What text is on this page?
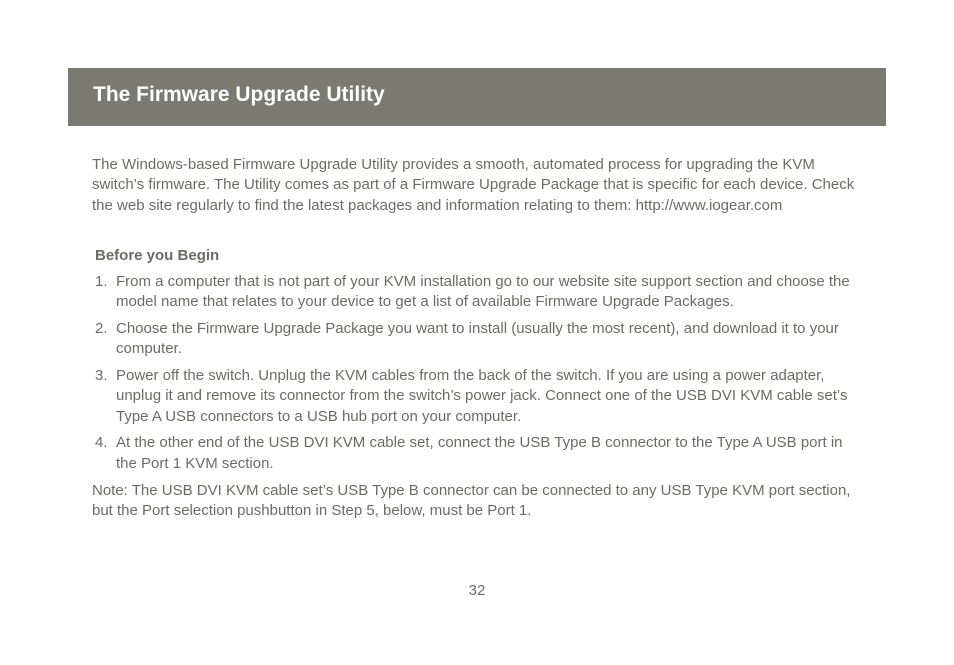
The Firmware Upgrade Utility

The Windows-based Firmware Upgrade Utility provides a smooth, automated process for upgrading the KVM switch’s firmware. The Utility comes as part of a Firmware Upgrade Package that is specific for each device. Check the web site regularly to find the latest packages and information relating to them: http://www.iogear.com

Before you Begin
1. From a computer that is not part of your KVM installation go to our website site support section and choose the model name that relates to your device to get a list of available Firmware Upgrade Packages.
2. Choose the Firmware Upgrade Package you want to install (usually the most recent), and download it to your computer.
3. Power off the switch. Unplug the KVM cables from the back of the switch. If you are using a power adapter, unplug it and remove its connector from the switch’s power jack. Connect one of the USB DVI KVM cable set’s Type A USB connectors to a USB hub port on your computer.
4. At the other end of the USB DVI KVM cable set, connect the USB Type B connector to the Type A USB port in the Port 1 KVM section.

Note: The USB DVI KVM cable set’s USB Type B connector can be connected to any USB Type KVM port section, but the Port selection pushbutton in Step 5, below, must be Port 1.

32
